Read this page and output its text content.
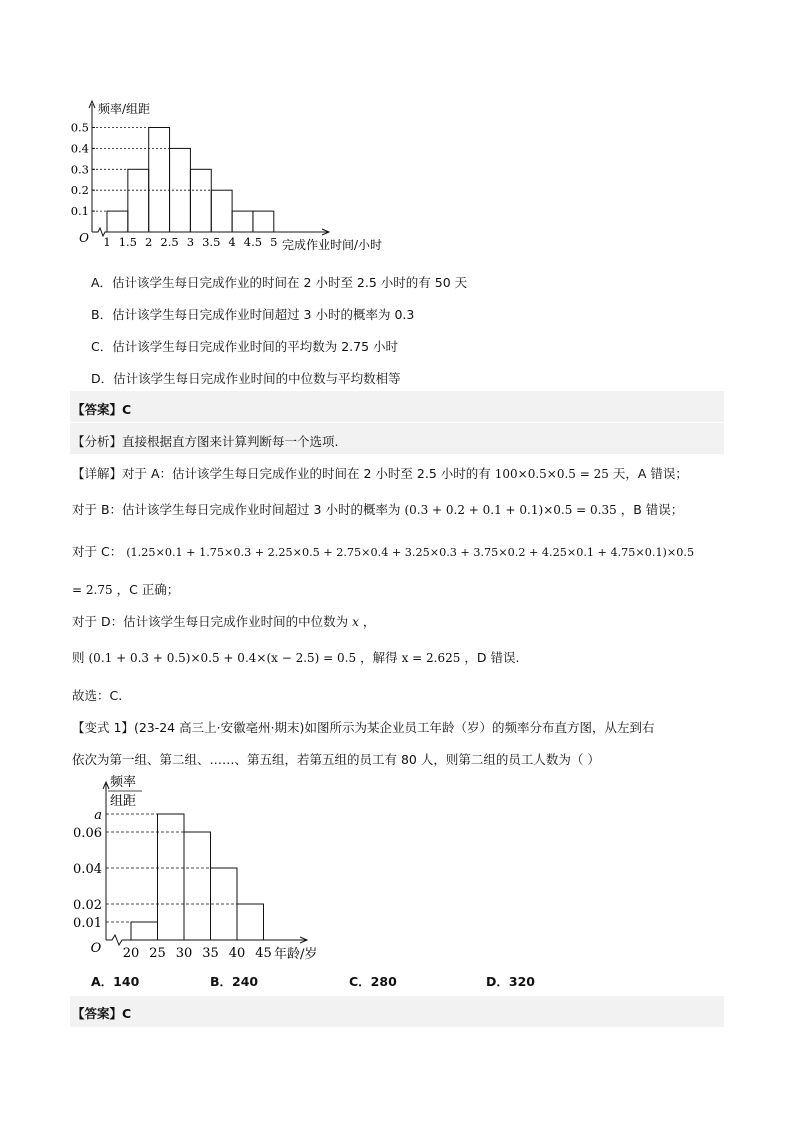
0.1
0.2
0.3
0.4
0.5
1 1.5 2 2.5 3 3.5 4 4.5 5
O
频率/组距
完成作业时间/小时
A．估计该学生每日完成作业的时间在 2 小时至 2.5 小时的有 50 天
B．估计该学生每日完成作业时间超过 3 小时的概率为 0.3
C．估计该学生每日完成作业时间的平均数为 2.75 小时
D．估计该学生每日完成作业时间的中位数与平均数相等
【答案】C
【分析】直接根据直方图来计算判断每一个选项.
【详解】对于 A：估计该学生每日完成作业的时间在 2 小时至 2.5 小时的有 100×0.5×0.5 = 25 天，A 错误；
对于 B：估计该学生每日完成作业时间超过 3 小时的概率为 (0.3 + 0.2 + 0.1 + 0.1)×0.5 = 0.35 ，B 错误；
对于 C： (1.25×0.1 + 1.75×0.3 + 2.25×0.5 + 2.75×0.4 + 3.25×0.3 + 3.75×0.2 + 4.25×0.1 + 4.75×0.1)×0.5
= 2.75 ，C 正确；
对于 D：估计该学生每日完成作业时间的中位数为 x ，
则 (0.1 + 0.3 + 0.5)×0.5 + 0.4×(x − 2.5) = 0.5 ，解得 x = 2.625 ，D 错误.
故选：C.
【变式 1】(23-24 高三上·安徽亳州·期末)如图所示为某企业员工年龄（岁）的频率分布直方图，从左到右
依次为第一组、第二组、……、第五组，若第五组的员工有 80 人，则第二组的员工人数为（ ）
0.01
0.02
0.04
0.06
a
20 25 30 35 40 45
O
频率
组距
年龄/岁
A．140	B．240	C．280	D．320
【答案】C
